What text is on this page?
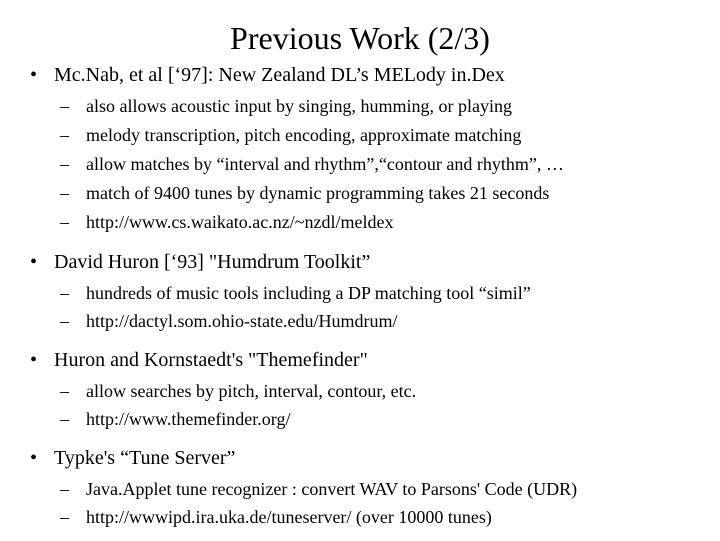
Previous Work (2/3)
• Mc.Nab, et al [‘97]: New Zealand DL’s MELody in.Dex
– also allows acoustic input by singing, humming, or playing
– melody transcription, pitch encoding, approximate matching
– allow matches by “interval and rhythm”,“contour and rhythm”, …
– match of 9400 tunes by dynamic programming takes 21 seconds
– http://www.cs.waikato.ac.nz/~nzdl/meldex
• David Huron [‘93] "Humdrum Toolkit”
– hundreds of music tools including a DP matching tool “simil”
– http://dactyl.som.ohio-state.edu/Humdrum/
• Huron and Kornstaedt's "Themefinder"
– allow searches by pitch, interval, contour, etc.
– http://www.themefinder.org/
• Typke's “Tune Server”
– Java.Applet tune recognizer : convert WAV to Parsons' Code (UDR)
– http://wwwipd.ira.uka.de/tuneserver/ (over 10000 tunes)
